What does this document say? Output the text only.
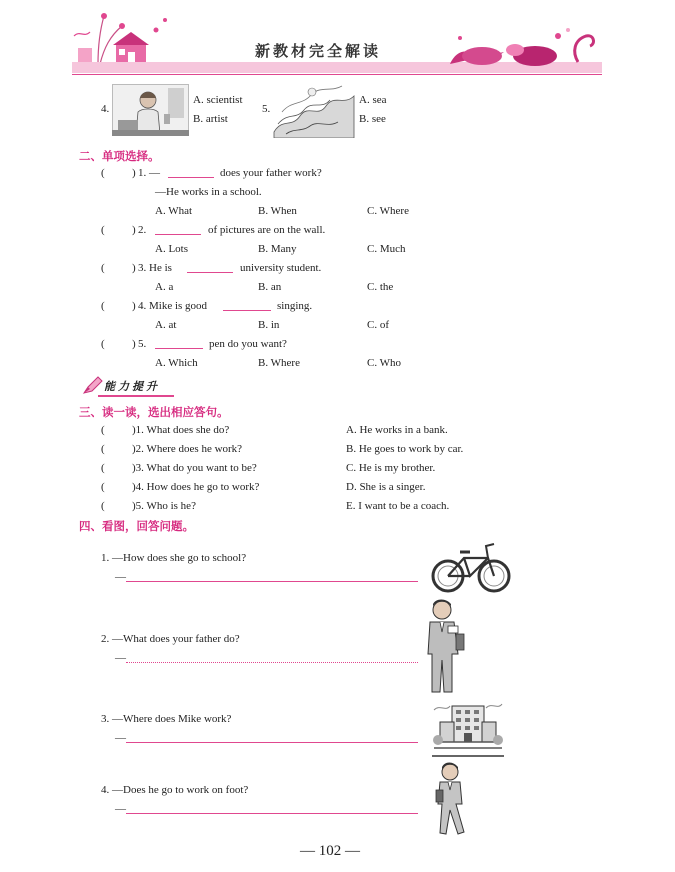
新教材完全解读
4.
A. scientist
B. artist
5.
A. sea
B. see
二、单项选择。
( ) 1. —	does your father work?
—He works in a school.
A. What	B. When	C. Where
( ) 2.	of pictures are on the wall.
A. Lots	B. Many	C. Much
( ) 3. He is	university student.
A. a	B. an	C. the
( ) 4. Mike is good	singing.
A. at	B. in	C. of
( ) 5.	pen do you want?
A. Which	B. Where	C. Who
能力提升
三、读一读，选出相应答句。
( )1. What does she do?	A. He works in a bank.
( )2. Where does he work?	B. He goes to work by car.
( )3. What do you want to be?	C. He is my brother.
( )4. How does he go to work?	D. She is a singer.
( )5. Who is he?	E. I want to be a coach.
四、看图，回答问题。
1. —How does she go to school?
—
2. —What does your father do?
—
3. —Where does Mike work?
—
4. —Does he go to work on foot?
—
— 102 —
